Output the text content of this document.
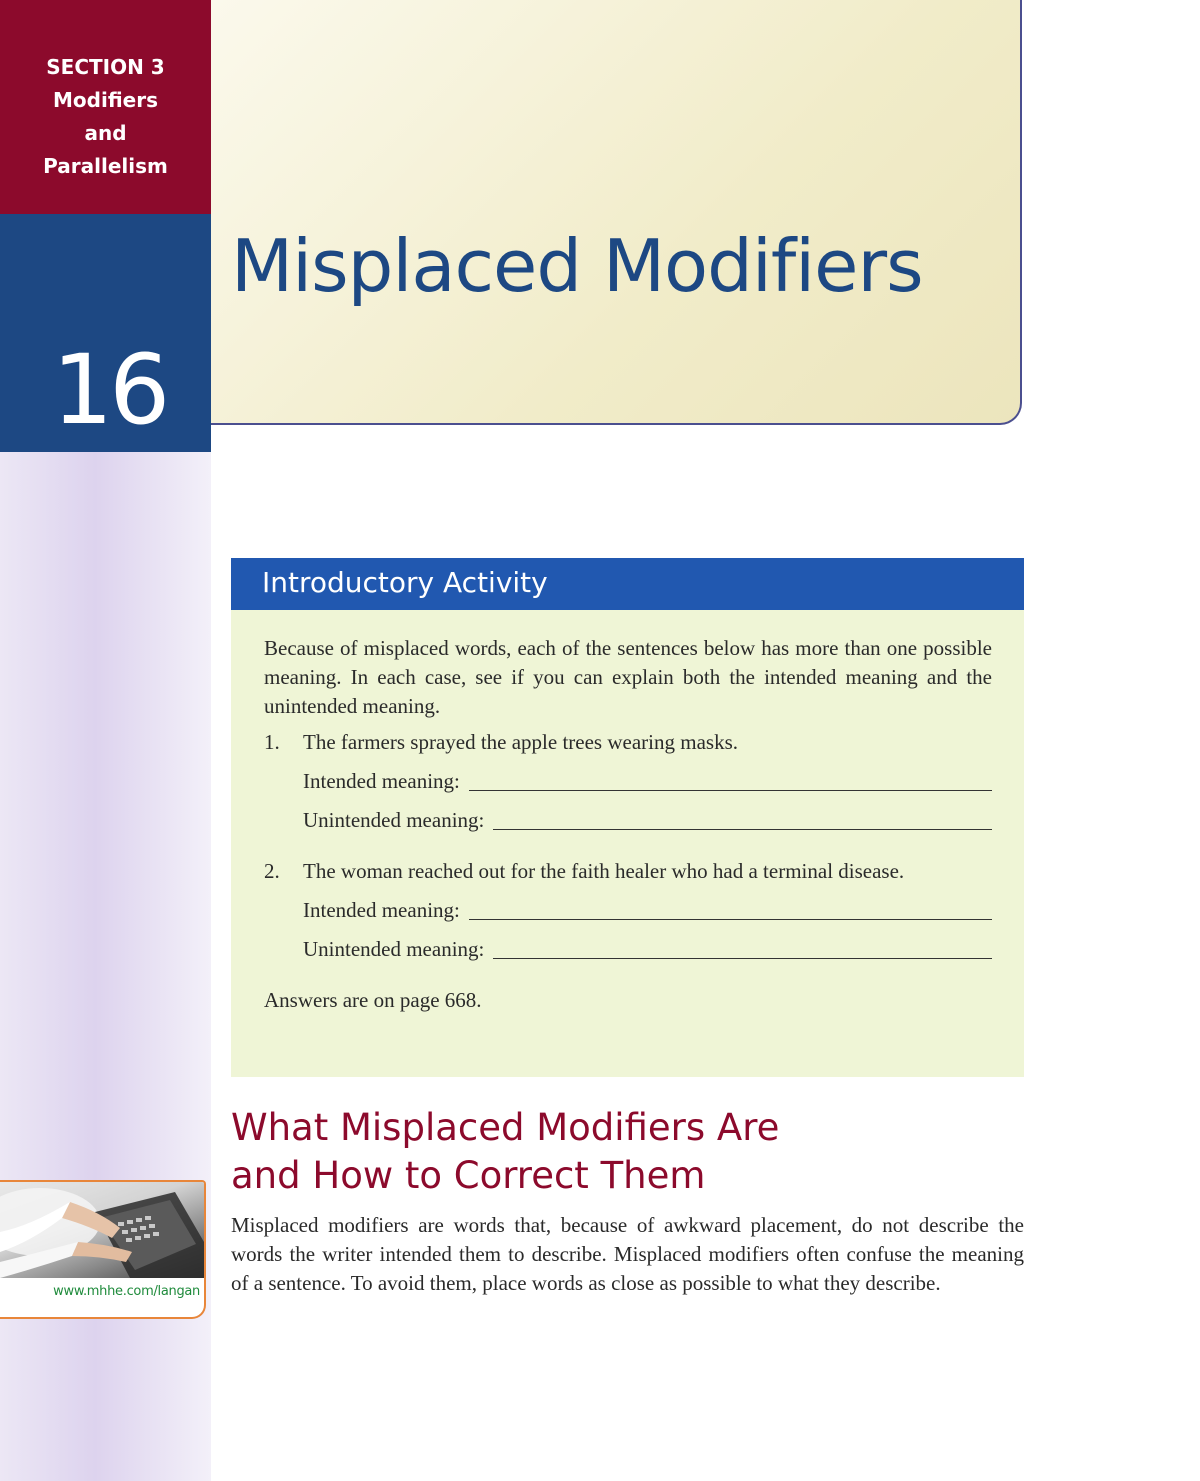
SECTION 3
Modifiers
and
Parallelism
16
Misplaced Modifiers
Introductory Activity

Because of misplaced words, each of the sentences below has more than one possible meaning. In each case, see if you can explain both the intended meaning and the unintended meaning.

1. The farmers sprayed the apple trees wearing masks.

Intended meaning:
Unintended meaning:
2. The woman reached out for the faith healer who had a terminal disease.

Intended meaning:
Unintended meaning:

Answers are on page 668.

What Misplaced Modifiers Are
and How to Correct Them

Misplaced modifiers are words that, because of awkward placement, do not describe the words the writer intended them to describe. Misplaced modifiers often confuse the meaning of a sentence. To avoid them, place words as close as possible to what they describe.

www.mhhe.com/langan
